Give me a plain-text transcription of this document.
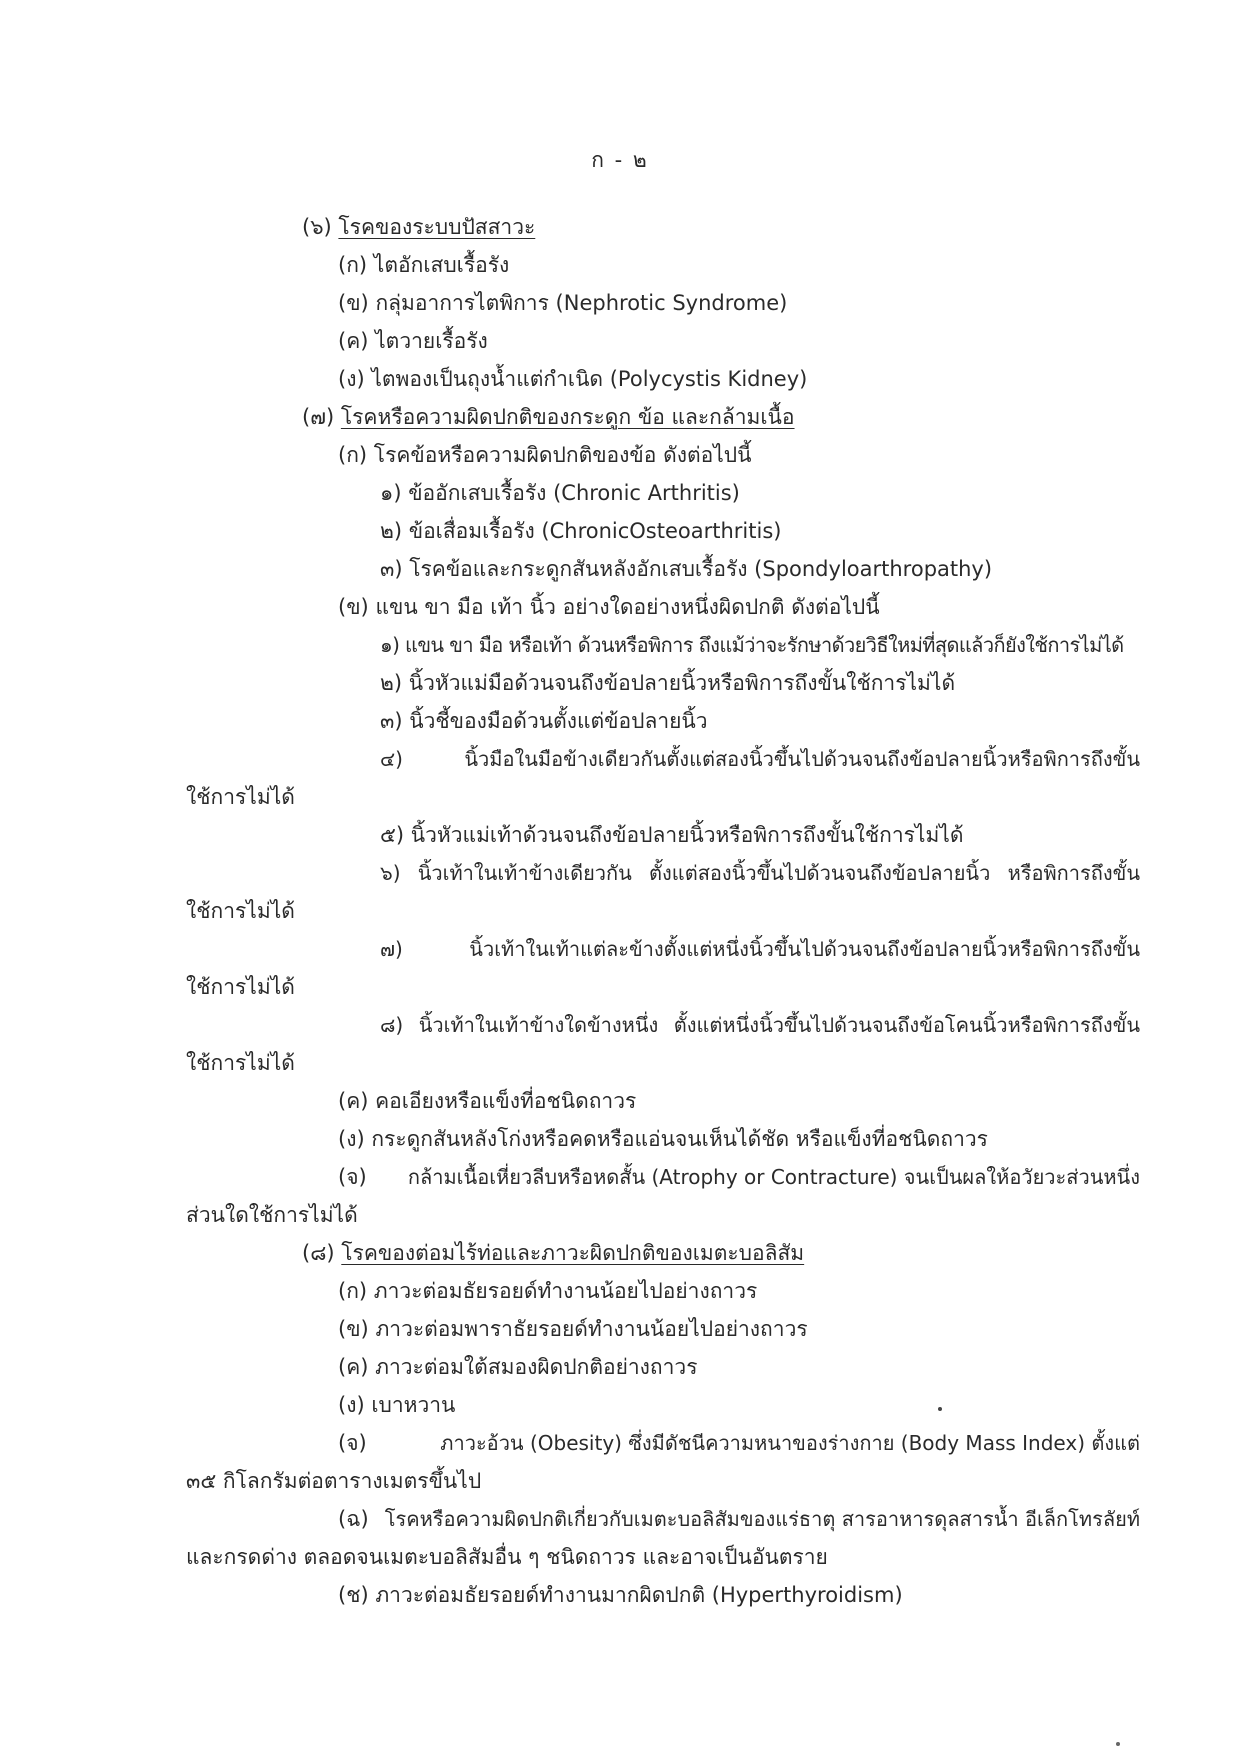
ก - ๒
(๖) โรคของระบบปัสสาวะ
(ก) ไตอักเสบเรื้อรัง
(ข) กลุ่มอาการไตพิการ (Nephrotic Syndrome)
(ค) ไตวายเรื้อรัง
(ง) ไตพองเป็นถุงน้ำแต่กำเนิด (Polycystis Kidney)
(๗) โรคหรือความผิดปกติของกระดูก ข้อ และกล้ามเนื้อ
(ก) โรคข้อหรือความผิดปกติของข้อ ดังต่อไปนี้
๑) ข้ออักเสบเรื้อรัง (Chronic Arthritis)
๒) ข้อเสื่อมเรื้อรัง (ChronicOsteoarthritis)
๓) โรคข้อและกระดูกสันหลังอักเสบเรื้อรัง (Spondyloarthropathy)
(ข) แขน ขา มือ เท้า นิ้ว อย่างใดอย่างหนึ่งผิดปกติ ดังต่อไปนี้
๑) แขน ขา มือ หรือเท้า ด้วนหรือพิการ ถึงแม้ว่าจะรักษาด้วยวิธีใหม่ที่สุดแล้วก็ยังใช้การไม่ได้
๒) นิ้วหัวแม่มือด้วนจนถึงข้อปลายนิ้วหรือพิการถึงขั้นใช้การไม่ได้
๓) นิ้วชี้ของมือด้วนตั้งแต่ข้อปลายนิ้ว
๔) นิ้วมือในมือข้างเดียวกันตั้งแต่สองนิ้วขึ้นไปด้วนจนถึงข้อปลายนิ้วหรือพิการถึงขั้น
ใช้การไม่ได้
๕) นิ้วหัวแม่เท้าด้วนจนถึงข้อปลายนิ้วหรือพิการถึงขั้นใช้การไม่ได้
๖) นิ้วเท้าในเท้าข้างเดียวกัน ตั้งแต่สองนิ้วขึ้นไปด้วนจนถึงข้อปลายนิ้ว หรือพิการถึงขั้น
ใช้การไม่ได้
๗) นิ้วเท้าในเท้าแต่ละข้างตั้งแต่หนึ่งนิ้วขึ้นไปด้วนจนถึงข้อปลายนิ้วหรือพิการถึงขั้น
ใช้การไม่ได้
๘) นิ้วเท้าในเท้าข้างใดข้างหนึ่ง ตั้งแต่หนึ่งนิ้วขึ้นไปด้วนจนถึงข้อโคนนิ้วหรือพิการถึงขั้น
ใช้การไม่ได้
(ค) คอเอียงหรือแข็งที่อชนิดถาวร
(ง) กระดูกสันหลังโก่งหรือคดหรือแอ่นจนเห็นได้ชัด หรือแข็งที่อชนิดถาวร
(จ) กล้ามเนื้อเหี่ยวลีบหรือหดสั้น (Atrophy or Contracture) จนเป็นผลให้อวัยวะส่วนหนึ่ง
ส่วนใดใช้การไม่ได้
(๘) โรคของต่อมไร้ท่อและภาวะผิดปกติของเมตะบอลิสัม
(ก) ภาวะต่อมธัยรอยด์ทำงานน้อยไปอย่างถาวร
(ข) ภาวะต่อมพาราธัยรอยด์ทำงานน้อยไปอย่างถาวร
(ค) ภาวะต่อมใต้สมองผิดปกติอย่างถาวร
(ง) เบาหวาน
(จ)	ภาวะอ้วน (Obesity) ซึ่งมีดัชนีความหนาของร่างกาย (Body Mass Index) ตั้งแต่
๓๕ กิโลกรัมต่อตารางเมตรขึ้นไป
(ฉ) โรคหรือความผิดปกติเกี่ยวกับเมตะบอลิสัมของแร่ธาตุ สารอาหารดุลสารน้ำ อีเล็กโทรลัยท์
และกรดด่าง ตลอดจนเมตะบอลิสัมอื่น ๆ ชนิดถาวร และอาจเป็นอันตราย
(ช) ภาวะต่อมธัยรอยด์ทำงานมากผิดปกติ (Hyperthyroidism)
